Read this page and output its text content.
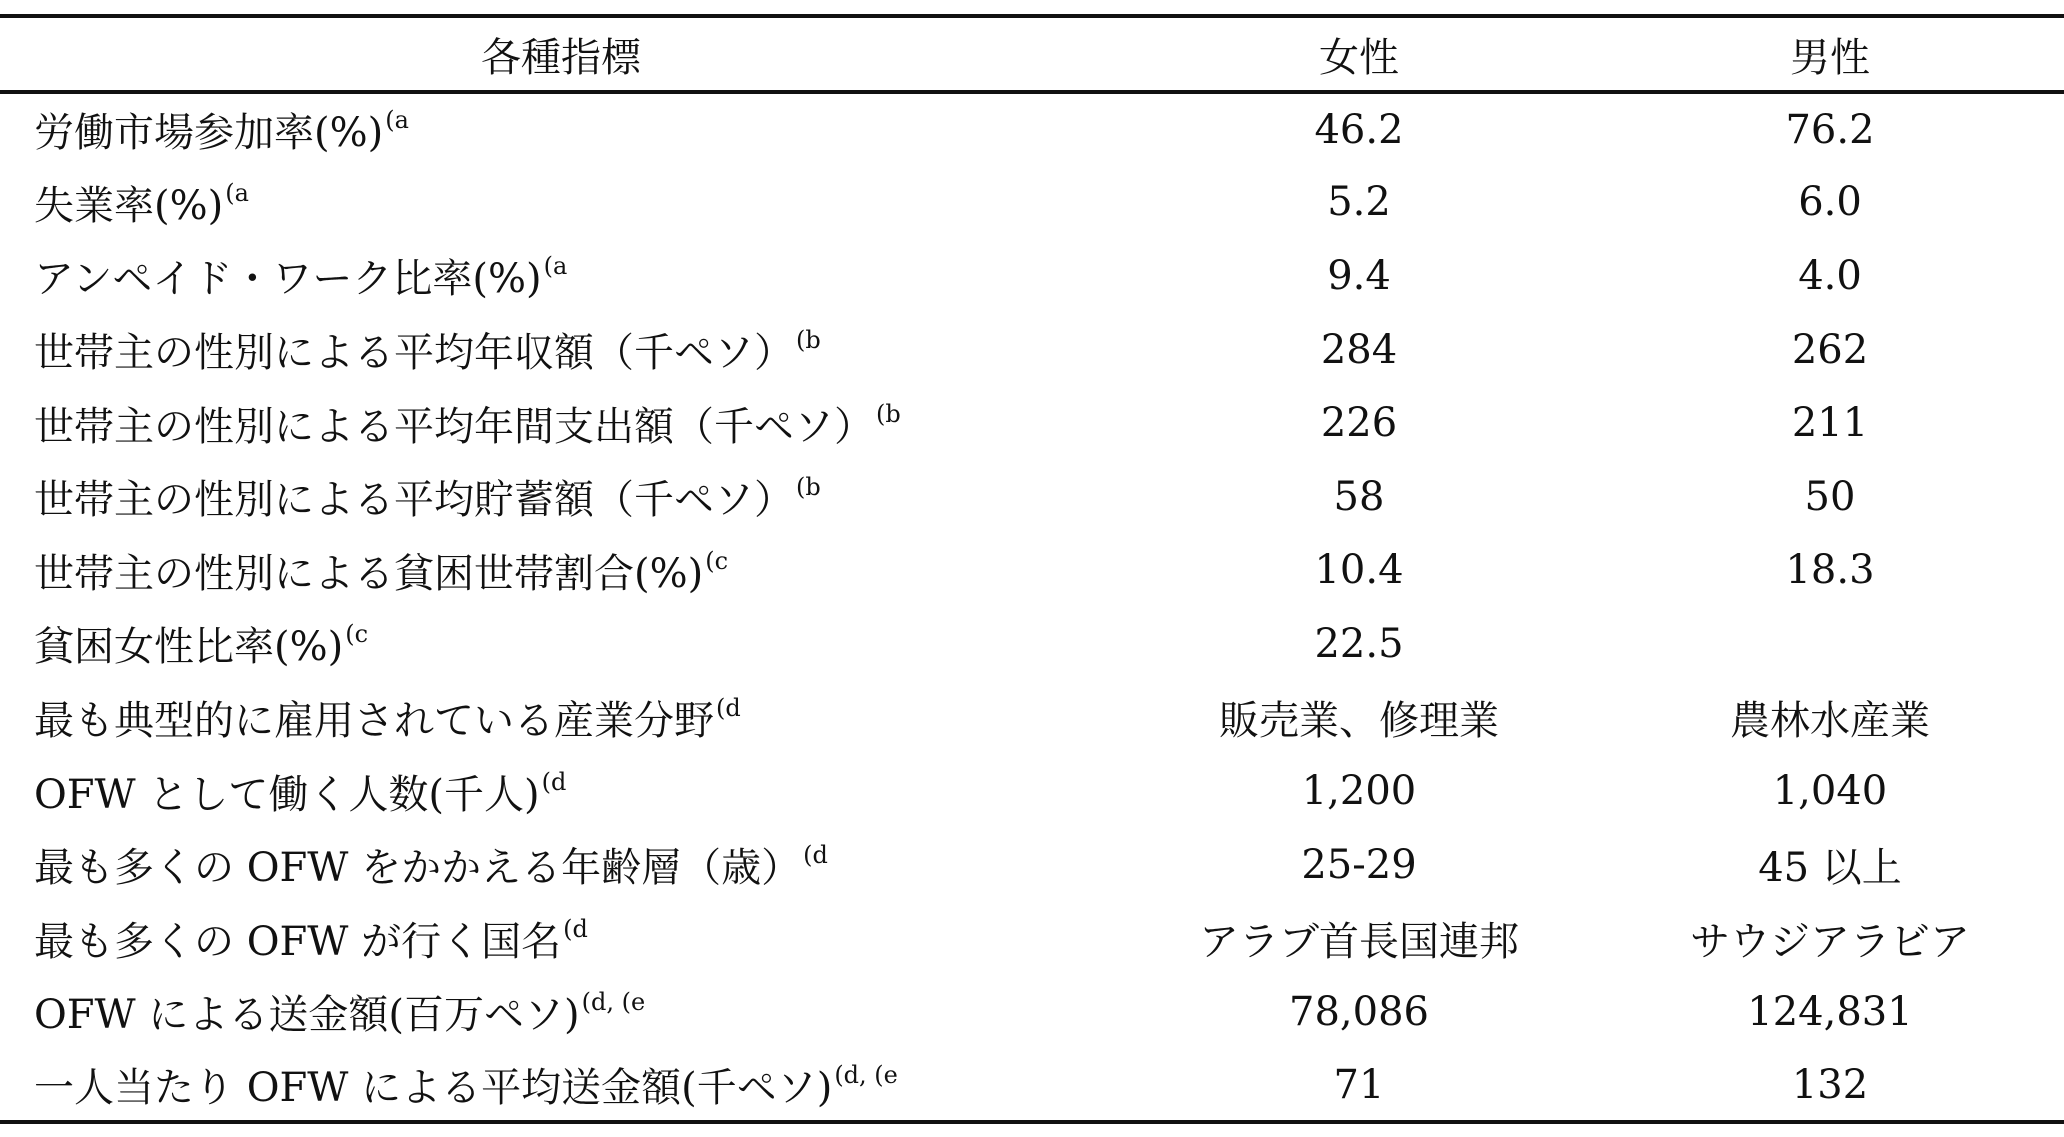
各種指標	女性	男性
労働市場参加率(%)$^{(a}$	46.2	76.2
失業率(%)$^{(a}$	5.2	6.0
アンペイド・ワーク比率(%)$^{(a}$	9.4	4.0
世帯主の性別による平均年収額（千ペソ）$^{(b}$	284	262
世帯主の性別による平均年間支出額（千ペソ）$^{(b}$	226	211
世帯主の性別による平均貯蓄額（千ペソ）$^{(b}$	58	50
世帯主の性別による貧困世帯割合(%)$^{(c}$	10.4	18.3
貧困女性比率(%)$^{(c}$	22.5	
最も典型的に雇用されている産業分野$^{(d}$	販売業、修理業	農林水産業
OFW として働く人数(千人)$^{(d}$	1,200	1,040
最も多くの OFW をかかえる年齢層（歳）$^{(d}$	25-29	45 以上
最も多くの OFW が行く国名$^{(d}$	アラブ首長国連邦	サウジアラビア
OFW による送金額(百万ペソ)$^{(d, (e}$	78,086	124,831
一人当たり OFW による平均送金額(千ペソ)$^{(d, (e}$	71	132
